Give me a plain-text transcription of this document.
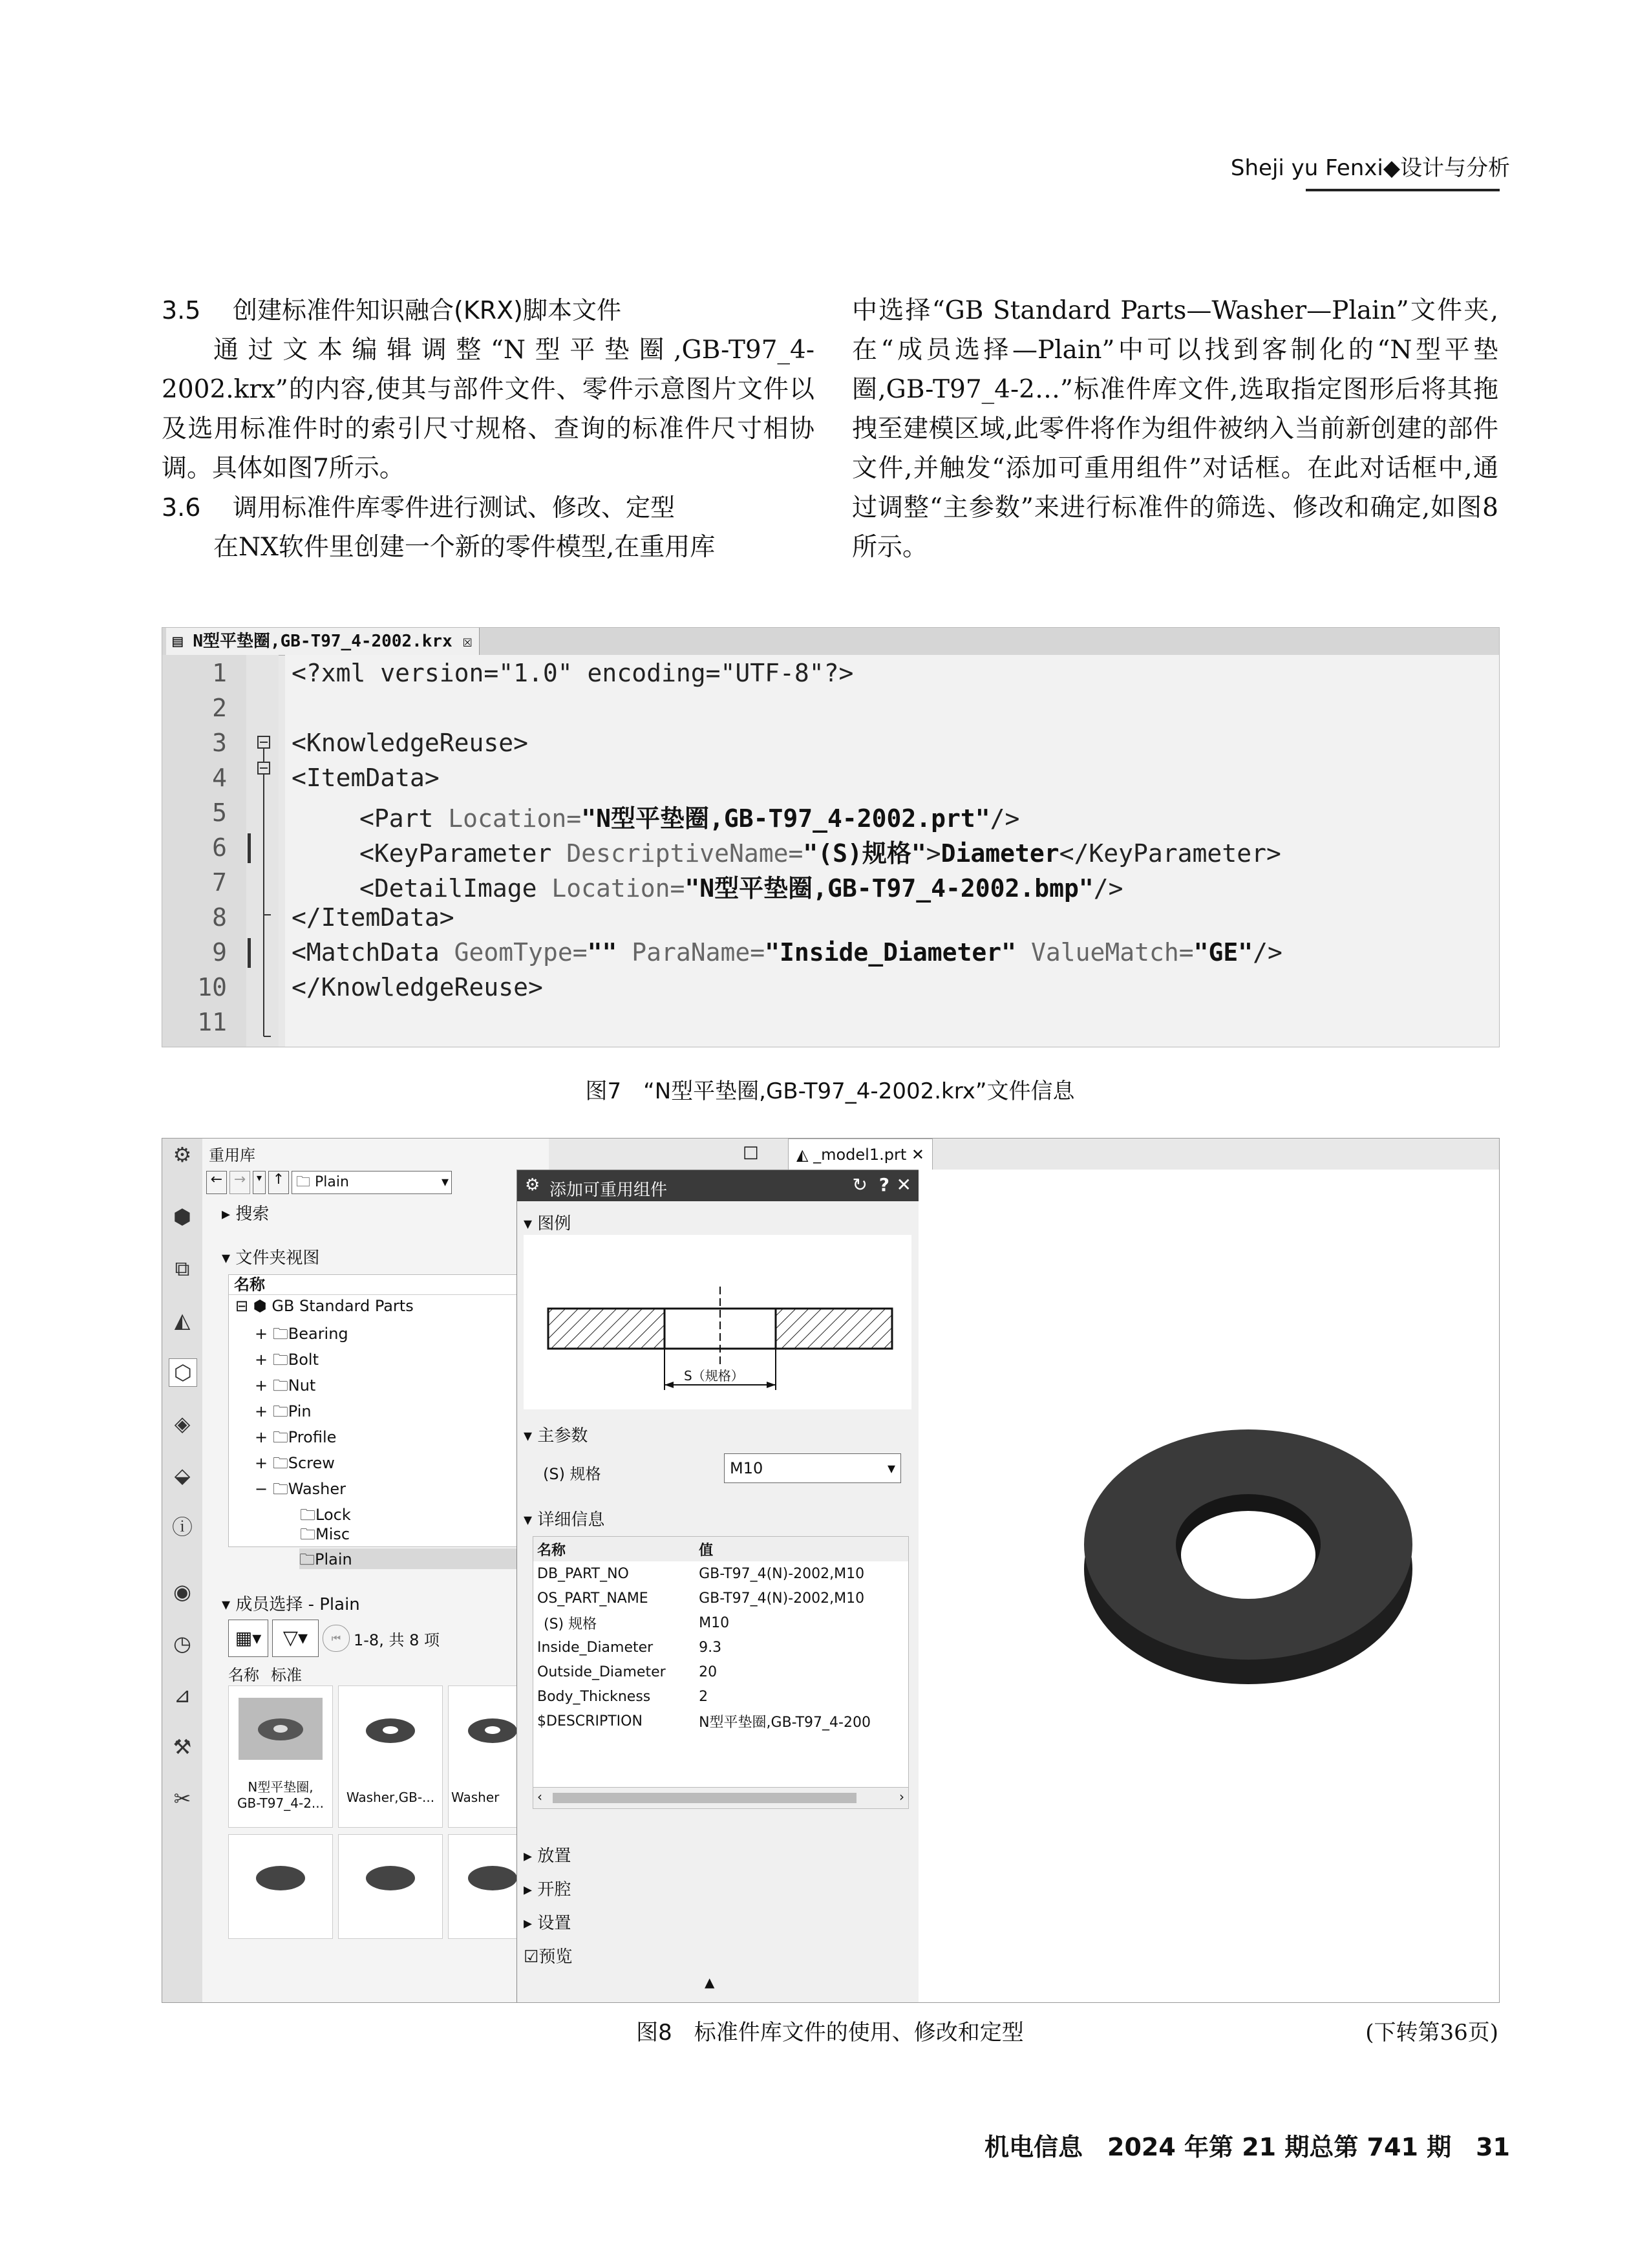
Sheji yu Fenxi◆设计与分析
3.5 创建标准件知识融合(KRX)脚本文件
通过文本编辑调整“N型平垫圈,GB-T97_4-2002.krx”的内容,使其与部件文件、零件示意图片文件以及选用标准件时的索引尺寸规格、查询的标准件尺寸相协调。具体如图7所示。
3.6 调用标准件库零件进行测试、修改、定型
在NX软件里创建一个新的零件模型,在重用库
中选择“GB Standard Parts—Washer—Plain”文件夹,在“成员选择—Plain”中可以找到客制化的“N型平垫圈,GB-T97_4-2…”标准件库文件,选取指定图形后将其拖拽至建模区域,此零件将作为组件被纳入当前新创建的部件文件,并触发“添加可重用组件”对话框。在此对话框中,通过调整“主参数”来进行标准件的筛选、修改和确定,如图8所示。
▤ N型平垫圈,GB-T97_4-2002.krx ☒
1
2
3
4
5
6
7
8
9
10
11
<?xml version="1.0" encoding="UTF-8"?>
<KnowledgeReuse>
<ItemData>
<Part Location="N型平垫圈,GB-T97_4-2002.prt"/>
<KeyParameter DescriptiveName="(S)规格">Diameter</KeyParameter>
<DetailImage Location="N型平垫圈,GB-T97_4-2002.bmp"/>
</ItemData>
<MatchData GeomType="" ParaName="Inside_Diameter" ValueMatch="GE"/>
</KnowledgeReuse>
图7　“N型平垫圈,GB-T97_4-2002.krx”文件信息
⚙
⬢
⧉
◭
⬡
◈
⬙
ⓘ
◉
◷
⊿
⚒
✂
重用库
← →	▾ ↑ 🗀 Plain	▾
▸ 搜索
▾ 文件夹视图
名称
⊟ ⬢ GB Standard Parts
+ 🗀Bearing
+ 🗀Bolt
+ 🗀Nut
+ 🗀Pin
+ 🗀Profile
+ 🗀Screw
− 🗀Washer
🗀Lock
🗀Misc
🗀Plain
▾ 成员选择 - Plain
▦▾	▽▾	⏮ 1-8, 共 8 项
名称 标准
N型平垫圈,
GB-T97_4-2...	Washer,GB-...	Washer
□	◭ _model1.prt ✕
⚙ 添加可重用组件	↻ ? ✕
▾ 图例
S（规格）
▾ 主参数
(S) 规格	M10	▾
▾ 详细信息
名称	值
DB_PART_NO	GB-T97_4(N)-2002,M10
OS_PART_NAME	GB-T97_4(N)-2002,M10
(S) 规格	M10
Inside_Diameter	9.3
Outside_Diameter	20
Body_Thickness	2
$DESCRIPTION	N型平垫圈,GB-T97_4-200
‹	›
▸ 放置
▸ 开腔
▸ 设置
☑预览
▲
图8　标准件库文件的使用、修改和定型	(下转第36页)
机电信息　2024 年第 21 期总第 741 期　31
